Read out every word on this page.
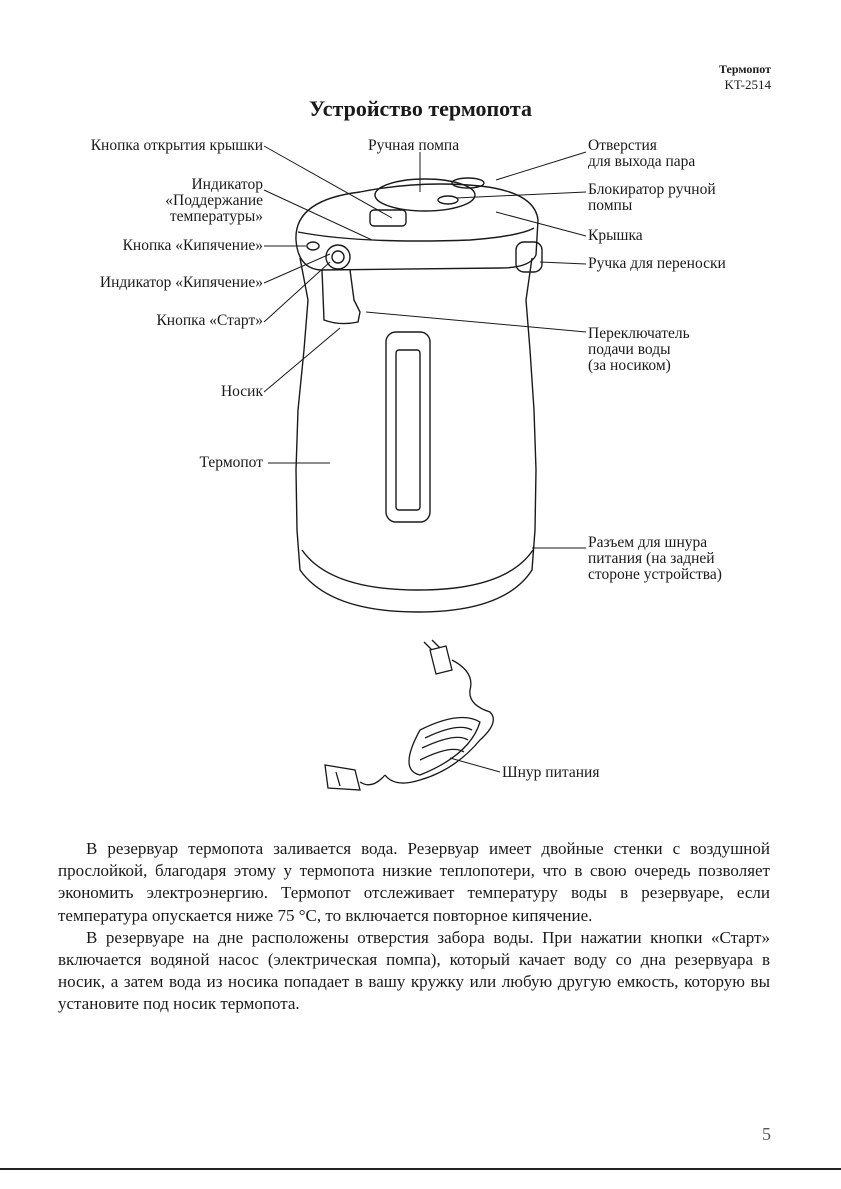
Термопот
KT-2514
Устройство термопота
Кнопка открытия крышки
Индикатор
«Поддержание
температуры»
Кнопка «Кипячение»
Индикатор «Кипячение»
Кнопка «Старт»
Носик
Термопот
Ручная помпа	Отверстия
для выхода пара
Блокиратор ручной
помпы
Крышка
Ручка для переноски
Переключатель
подачи воды
(за носиком)
Разъем для шнура
питания (на задней
стороне устройства)
Шнур питания

В резервуар термопота заливается вода. Резервуар имеет двойные стенки с воздушной прослойкой, благодаря этому у термопота низкие теплопотери, что в свою очередь позволяет экономить электроэнергию. Термопот отслеживает температуру воды в резервуаре, если температура опускается ниже 75 °С, то включается повторное кипячение.

В резервуаре на дне расположены отверстия забора воды. При нажатии кнопки «Старт» включается водяной насос (электрическая помпа), который качает воду со дна резервуара в носик, а затем вода из носика попадает в вашу кружку или любую другую емкость, которую вы установите под носик термопота.

5
